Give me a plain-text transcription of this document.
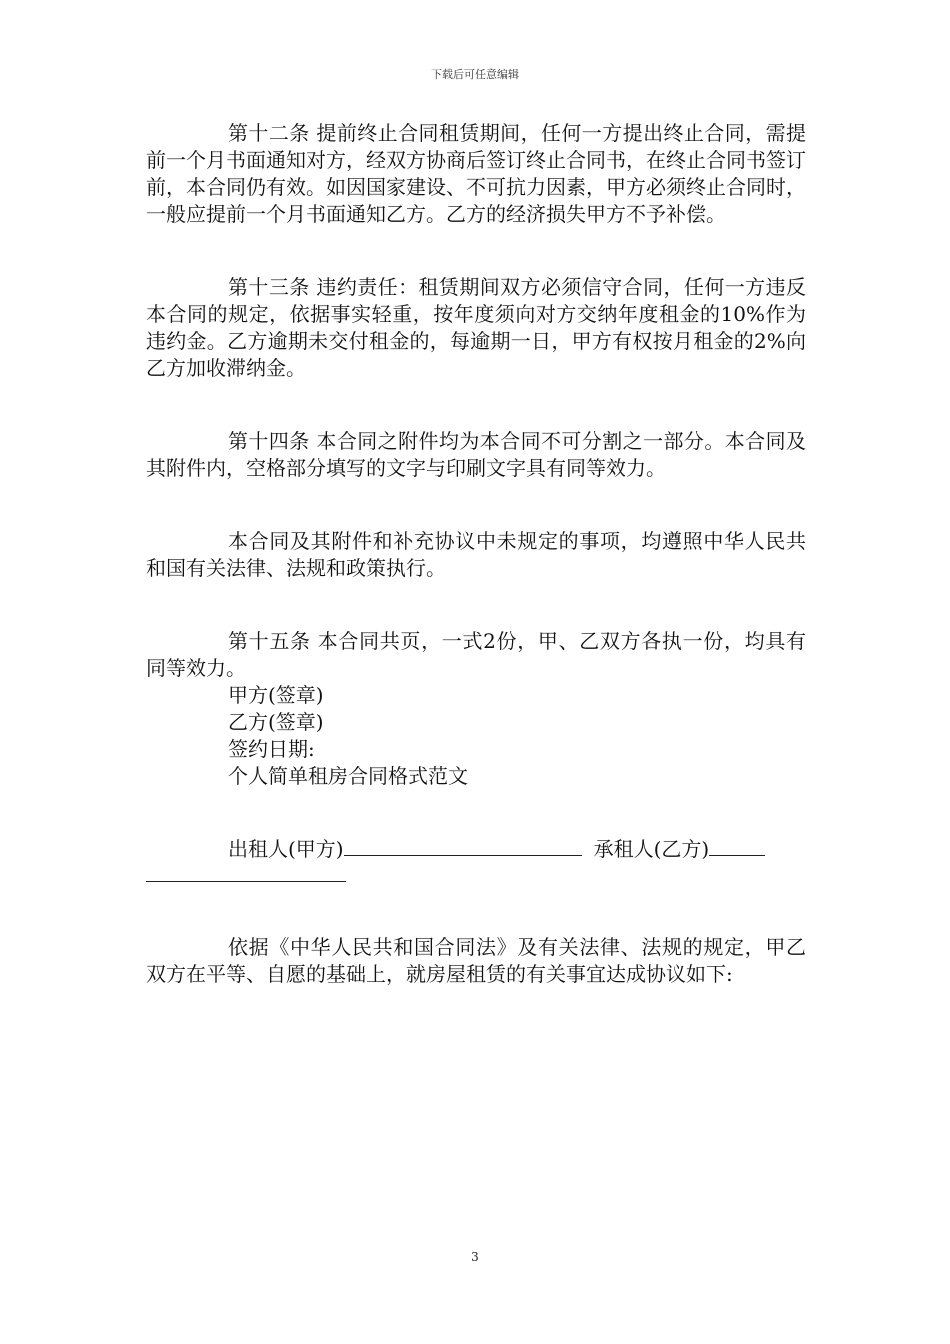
下载后可任意编辑

第十二条 提前终止合同租赁期间，任何一方提出终止合同，需提前一个月书面通知对方，经双方协商后签订终止合同书，在终止合同书签订前，本合同仍有效。如因国家建设、不可抗力因素，甲方必须终止合同时，一般应提前一个月书面通知乙方。乙方的经济损失甲方不予补偿。

第十三条 违约责任：租赁期间双方必须信守合同，任何一方违反本合同的规定，依据事实轻重，按年度须向对方交纳年度租金的10%作为违约金。乙方逾期未交付租金的，每逾期一日，甲方有权按月租金的2%向乙方加收滞纳金。

第十四条 本合同之附件均为本合同不可分割之一部分。本合同及其附件内，空格部分填写的文字与印刷文字具有同等效力。

本合同及其附件和补充协议中未规定的事项，均遵照中华人民共和国有关法律、法规和政策执行。

第十五条 本合同共页，一式2份，甲、乙双方各执一份，均具有同等效力。

甲方(签章)

乙方(签章)

签约日期:

个人简单租房合同格式范文

出租人(甲方)	承租人(乙方)

依据《中华人民共和国合同法》及有关法律、法规的规定，甲乙双方在平等、自愿的基础上，就房屋租赁的有关事宜达成协议如下:

3
